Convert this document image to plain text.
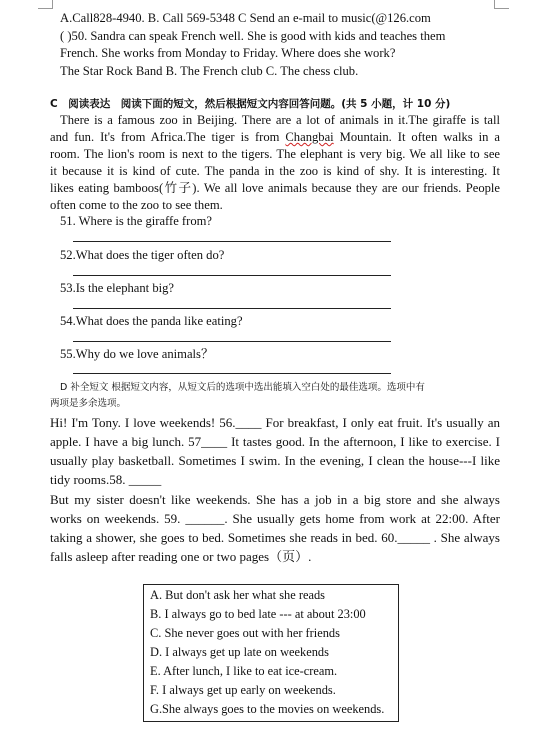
A.Call828-4940. B. Call 569-5348 C Send an e-mail to music(@126.com
( )50. Sandra can speak French well. She is good with kids and teaches them
French. She works from Monday to Friday. Where does she work?
The Star Rock Band B. The French club C. The chess club.
C　阅读表达　阅读下面的短文，然后根据短文内容回答问题。(共 5 小题，计 10 分)
There is a famous zoo in Beijing. There are a lot of animals in it.The giraffe is tall
and fun. It's from Africa.The tiger is from Changbai Mountain. It often walks in a
room. The lion's room is next to the tigers. The elephant is very big. We all like to see
it because it is kind of cute. The panda in the zoo is kind of shy. It is interesting. It
likes eating bamboos(竹子). We all love animals because they are our friends. People
often come to the zoo to see them.
51. Where is the giraffe from?
52.What does the tiger often do?
53.Is the elephant big?
54.What does the panda like eating?
55.Why do we love animals？
D 补全短文 根据短文内容，从短文后的选项中选出能填入空白处的最佳选项。选项中有
两项是多余选项。
Hi! I'm Tony. I love weekends! 56.____ For breakfast, I only eat fruit. It's usually an
apple. I have a big lunch. 57____ It tastes good. In the afternoon, I like to exercise. I
usually play basketball. Sometimes I swim. In the evening, I clean the house---I like
tidy rooms.58. _____
But my sister doesn't like weekends. She has a job in a big store and she always
works on weekends. 59. ______. She usually gets home from work at 22:00. After
taking a shower, she goes to bed. Sometimes she reads in bed. 60._____ . She always
falls asleep after reading one or two pages（页）.
A. But don't ask her what she reads
B. I always go to bed late --- at about 23:00
C. She never goes out with her friends
D. I always get up late on weekends
E. After lunch, I like to eat ice-cream.
F. I always get up early on weekends.
G.She always goes to the movies on weekends.
